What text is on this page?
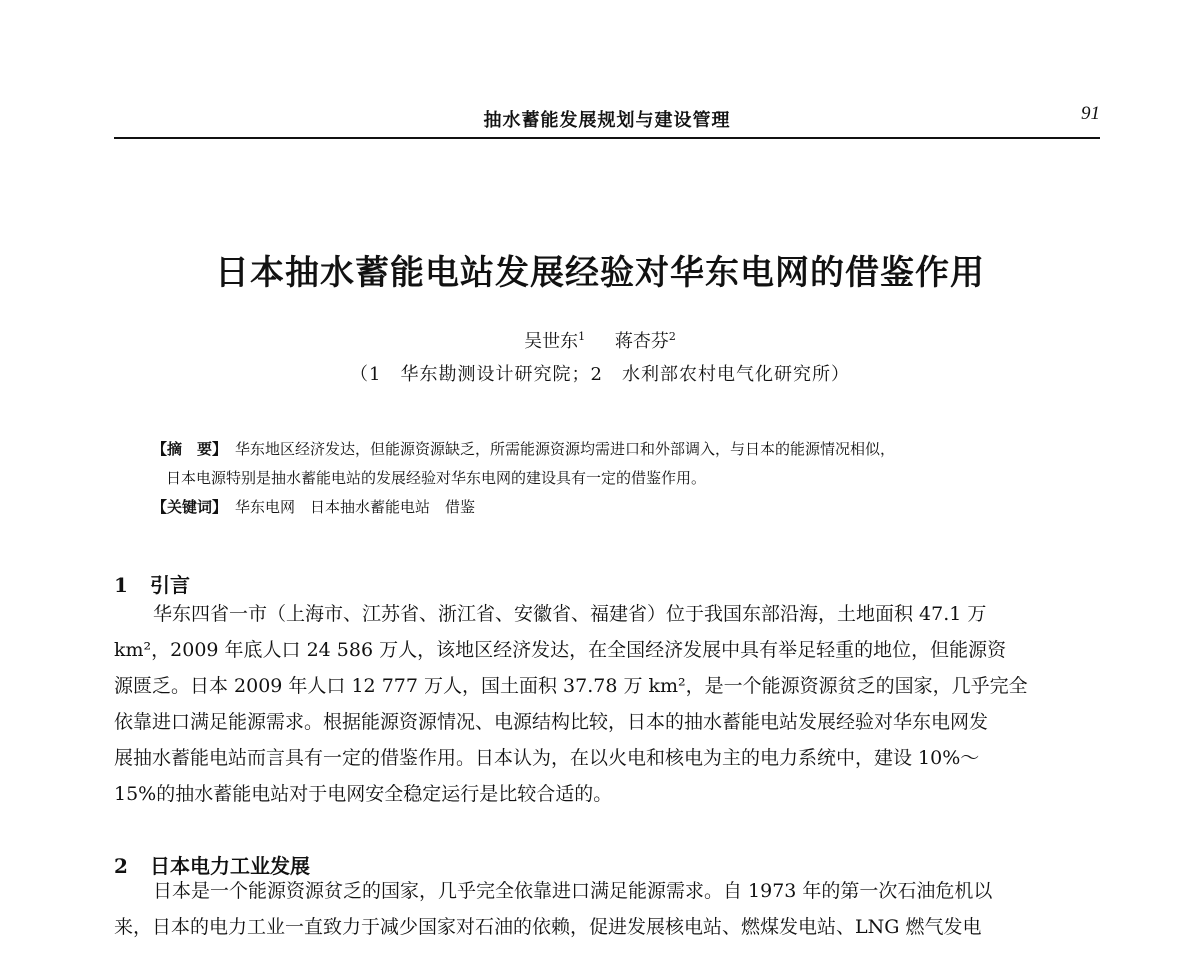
抽水蓄能发展规划与建设管理	91
日本抽水蓄能电站发展经验对华东电网的借鉴作用
吴世东$^1$ 蒋杏芬$^2$
（1　华东勘测设计研究院；2　水利部农村电气化研究所）
【摘　要】 华东地区经济发达，但能源资源缺乏，所需能源资源均需进口和外部调入，与日本的能源情况相似，
日本电源特别是抽水蓄能电站的发展经验对华东电网的建设具有一定的借鉴作用。
【关键词】 华东电网　日本抽水蓄能电站　借鉴
1 引言
华东四省一市（上海市、江苏省、浙江省、安徽省、福建省）位于我国东部沿海，土地面积 47.1 万
km²，2009 年底人口 24 586 万人，该地区经济发达，在全国经济发展中具有举足轻重的地位，但能源资
源匮乏。日本 2009 年人口 12 777 万人，国土面积 37.78 万 km²，是一个能源资源贫乏的国家，几乎完全
依靠进口满足能源需求。根据能源资源情况、电源结构比较，日本的抽水蓄能电站发展经验对华东电网发
展抽水蓄能电站而言具有一定的借鉴作用。日本认为，在以火电和核电为主的电力系统中，建设 10%～
15%的抽水蓄能电站对于电网安全稳定运行是比较合适的。
2 日本电力工业发展
日本是一个能源资源贫乏的国家，几乎完全依靠进口满足能源需求。自 1973 年的第一次石油危机以
来，日本的电力工业一直致力于减少国家对石油的依赖，促进发展核电站、燃煤发电站、LNG 燃气发电
